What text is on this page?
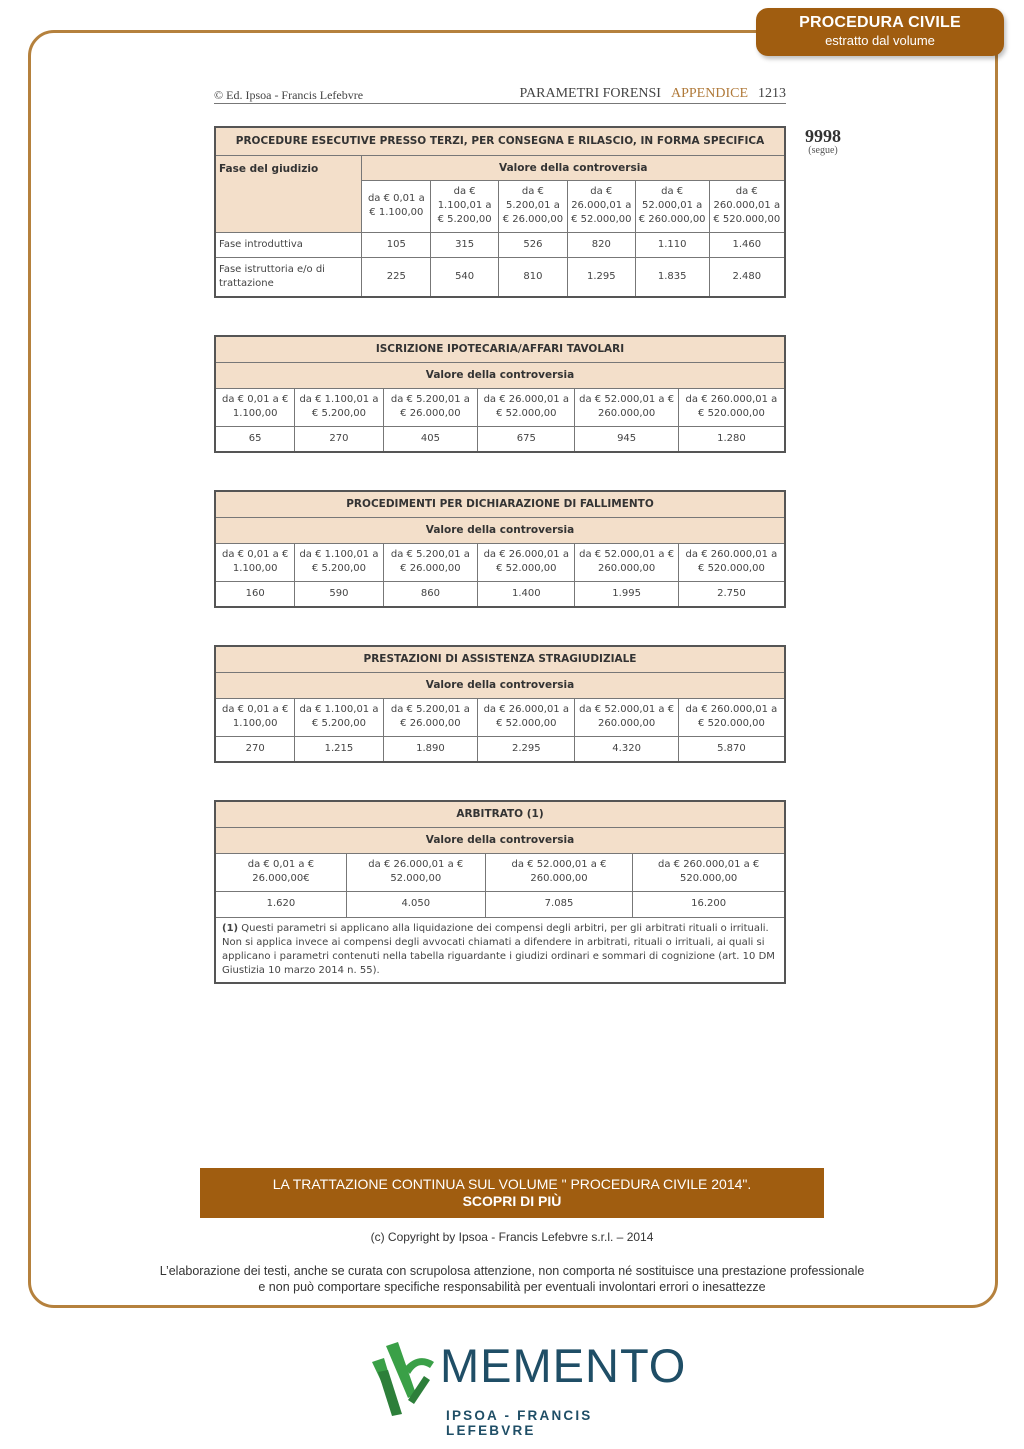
PROCEDURA CIVILE
estratto dal volume
© Ed. Ipsoa - Francis Lefebvre	PARAMETRI FORENSI APPENDICE 1213
9998
(segue)
PROCEDURE ESECUTIVE PRESSO TERZI, PER CONSEGNA E RILASCIO, IN FORMA SPECIFICA						
Fase del giudizio	Valore della controversia					
	da € 0,01 a € 1.100,00	da € 1.100,01 a € 5.200,00	da € 5.200,01 a € 26.000,00	da € 26.000,01 a € 52.000,00	da € 52.000,01 a € 260.000,00	da € 260.000,01 a € 520.000,00
Fase introduttiva	105	315	526	820	1.110	1.460
Fase istruttoria e/o di trattazione	225	540	810	1.295	1.835	2.480
ISCRIZIONE IPOTECARIA/AFFARI TAVOLARI					
Valore della controversia					
da € 0,01 a € 1.100,00	da € 1.100,01 a € 5.200,00	da € 5.200,01 a € 26.000,00	da € 26.000,01 a € 52.000,00	da € 52.000,01 a € 260.000,00	da € 260.000,01 a € 520.000,00
65	270	405	675	945	1.280
PROCEDIMENTI PER DICHIARAZIONE DI FALLIMENTO					
Valore della controversia					
da € 0,01 a € 1.100,00	da € 1.100,01 a € 5.200,00	da € 5.200,01 a € 26.000,00	da € 26.000,01 a € 52.000,00	da € 52.000,01 a € 260.000,00	da € 260.000,01 a € 520.000,00
160	590	860	1.400	1.995	2.750
PRESTAZIONI DI ASSISTENZA STRAGIUDIZIALE					
Valore della controversia					
da € 0,01 a € 1.100,00	da € 1.100,01 a € 5.200,00	da € 5.200,01 a € 26.000,00	da € 26.000,01 a € 52.000,00	da € 52.000,01 a € 260.000,00	da € 260.000,01 a € 520.000,00
270	1.215	1.890	2.295	4.320	5.870
ARBITRATO (1)			
Valore della controversia			
da € 0,01 a € 26.000,00€	da € 26.000,01 a € 52.000,00	da € 52.000,01 a € 260.000,00	da € 260.000,01 a € 520.000,00
1.620	4.050	7.085	16.200
(1) Questi parametri si applicano alla liquidazione dei compensi degli arbitri, per gli arbitrati rituali o irrituali. Non si applica invece ai compensi degli avvocati chiamati a difendere in arbitrati, rituali o irrituali, ai quali si applicano i parametri contenuti nella tabella riguardante i giudizi ordinari e sommari di cognizione (art. 10 DM Giustizia 10 marzo 2014 n. 55).			
LA TRATTAZIONE CONTINUA SUL VOLUME " PROCEDURA CIVILE 2014".
SCOPRI DI PIÙ
(c) Copyright by Ipsoa - Francis Lefebvre s.r.l. – 2014
L’elaborazione dei testi, anche se curata con scrupolosa attenzione, non comporta né sostituisce una prestazione professionale
e non può comportare specifiche responsabilità per eventuali involontari errori o inesattezze
MEMENTO
IPSOA - FRANCIS LEFEBVRE
